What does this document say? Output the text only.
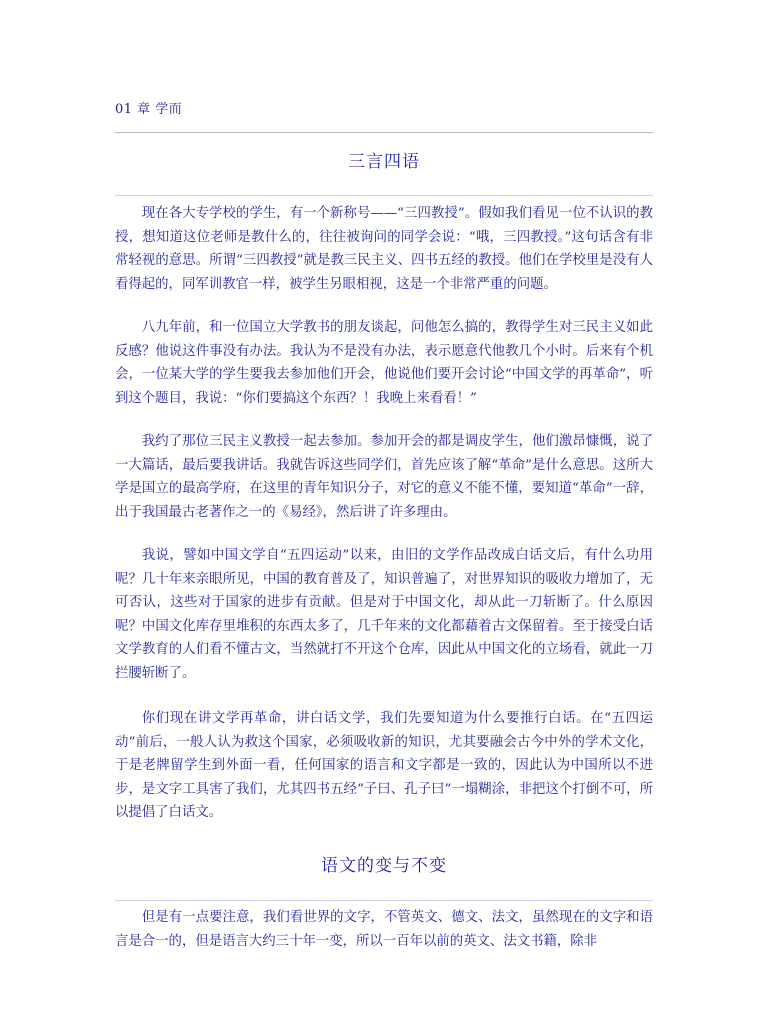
01 章 学而
三言四语

现在各大专学校的学生，有一个新称号——“三四教授”。假如我们看见一位不认识的教授，想知道这位老师是教什么的，往往被询问的同学会说：“哦，三四教授。”这句话含有非常轻视的意思。所谓“三四教授”就是教三民主义、四书五经的教授。他们在学校里是没有人看得起的，同军训教官一样，被学生另眼相视，这是一个非常严重的问题。

八九年前，和一位国立大学教书的朋友谈起，问他怎么搞的，教得学生对三民主义如此反感？他说这件事没有办法。我认为不是没有办法，表示愿意代他教几个小时。后来有个机会，一位某大学的学生要我去参加他们开会，他说他们要开会讨论“中国文学的再革命”，听到这个题目，我说：“你们要搞这个东西？！我晚上来看看！”

我约了那位三民主义教授一起去参加。参加开会的都是调皮学生，他们激昂慷慨，说了一大篇话，最后要我讲话。我就告诉这些同学们，首先应该了解“革命”是什么意思。这所大学是国立的最高学府，在这里的青年知识分子，对它的意义不能不懂，要知道“革命”一辞，出于我国最古老著作之一的《易经》，然后讲了许多理由。

我说，譬如中国文学自“五四运动”以来，由旧的文学作品改成白话文后，有什么功用呢？几十年来亲眼所见，中国的教育普及了，知识普遍了，对世界知识的吸收力增加了，无可否认，这些对于国家的进步有贡献。但是对于中国文化，却从此一刀斩断了。什么原因呢？中国文化库存里堆积的东西太多了，几千年来的文化都藉着古文保留着。至于接受白话文学教育的人们看不懂古文，当然就打不开这个仓库，因此从中国文化的立场看，就此一刀拦腰斩断了。

你们现在讲文学再革命，讲白话文学，我们先要知道为什么要推行白话。在“五四运动”前后，一般人认为救这个国家，必须吸收新的知识，尤其要融会古今中外的学术文化，于是老牌留学生到外面一看，任何国家的语言和文字都是一致的，因此认为中国所以不进步，是文字工具害了我们，尤其四书五经“子曰、孔子曰”一塌糊涂，非把这个打倒不可，所以提倡了白话文。

语文的变与不变

但是有一点要注意，我们看世界的文字，不管英文、德文、法文，虽然现在的文字和语言是合一的，但是语言大约三十年一变，所以一百年以前的英文、法文书籍，除非
